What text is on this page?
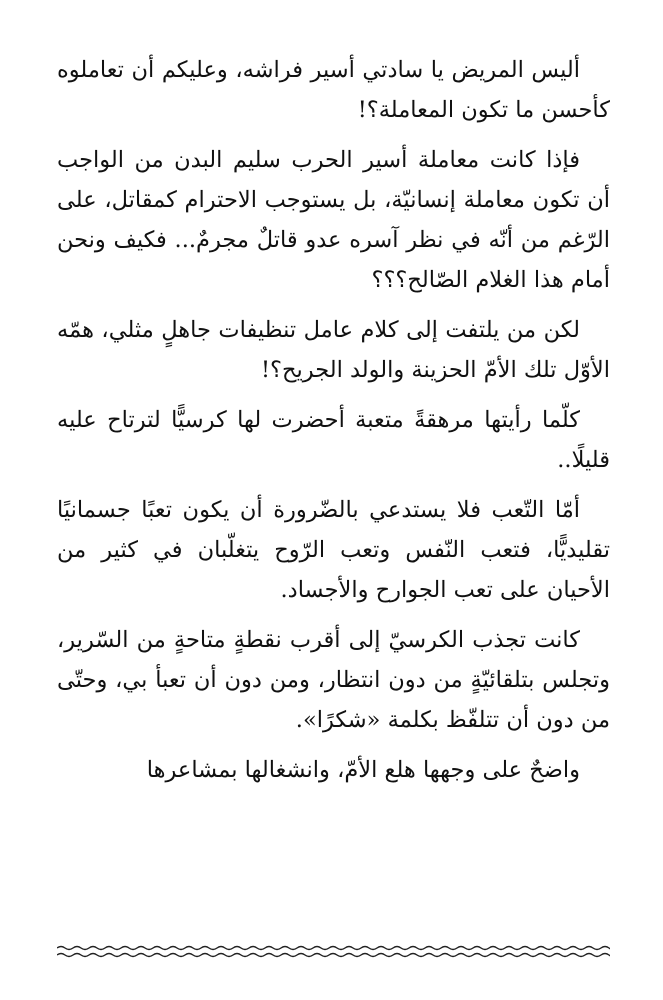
أليس المريض يا سادتي أسير فراشه، وعليكم أن تعاملوه كأحسن ما تكون المعاملة؟!

فإذا كانت معاملة أسير الحرب سليم البدن من الواجب أن تكون معاملة إنسانيّة، بل يستوجب الاحترام كمقاتل، على الرّغم من أنّه في نظر آسره عدو قاتلٌ مجرمٌ... فكيف ونحن أمام هذا الغلام الصّالح؟؟؟

لكن من يلتفت إلى كلام عامل تنظيفات جاهلٍ مثلي، همّه الأوّل تلك الأمّ الحزينة والولد الجريح؟!

كلّما رأيتها مرهقةً متعبة أحضرت لها كرسيًّا لترتاح عليه قليلًا..

أمّا التّعب فلا يستدعي بالضّرورة أن يكون تعبًا جسمانيًا تقليديًّا، فتعب النّفس وتعب الرّوح يتغلّبان في كثير من الأحيان على تعب الجوارح والأجساد.

كانت تجذب الكرسيّ إلى أقرب نقطةٍ متاحةٍ من السّرير، وتجلس بتلقائيّةٍ من دون انتظار، ومن دون أن تعبأ بي، وحتّى من دون أن تتلفّظ بكلمة «شكرًا».

واضحٌ على وجهها هلع الأمّ، وانشغالها بمشاعرها
